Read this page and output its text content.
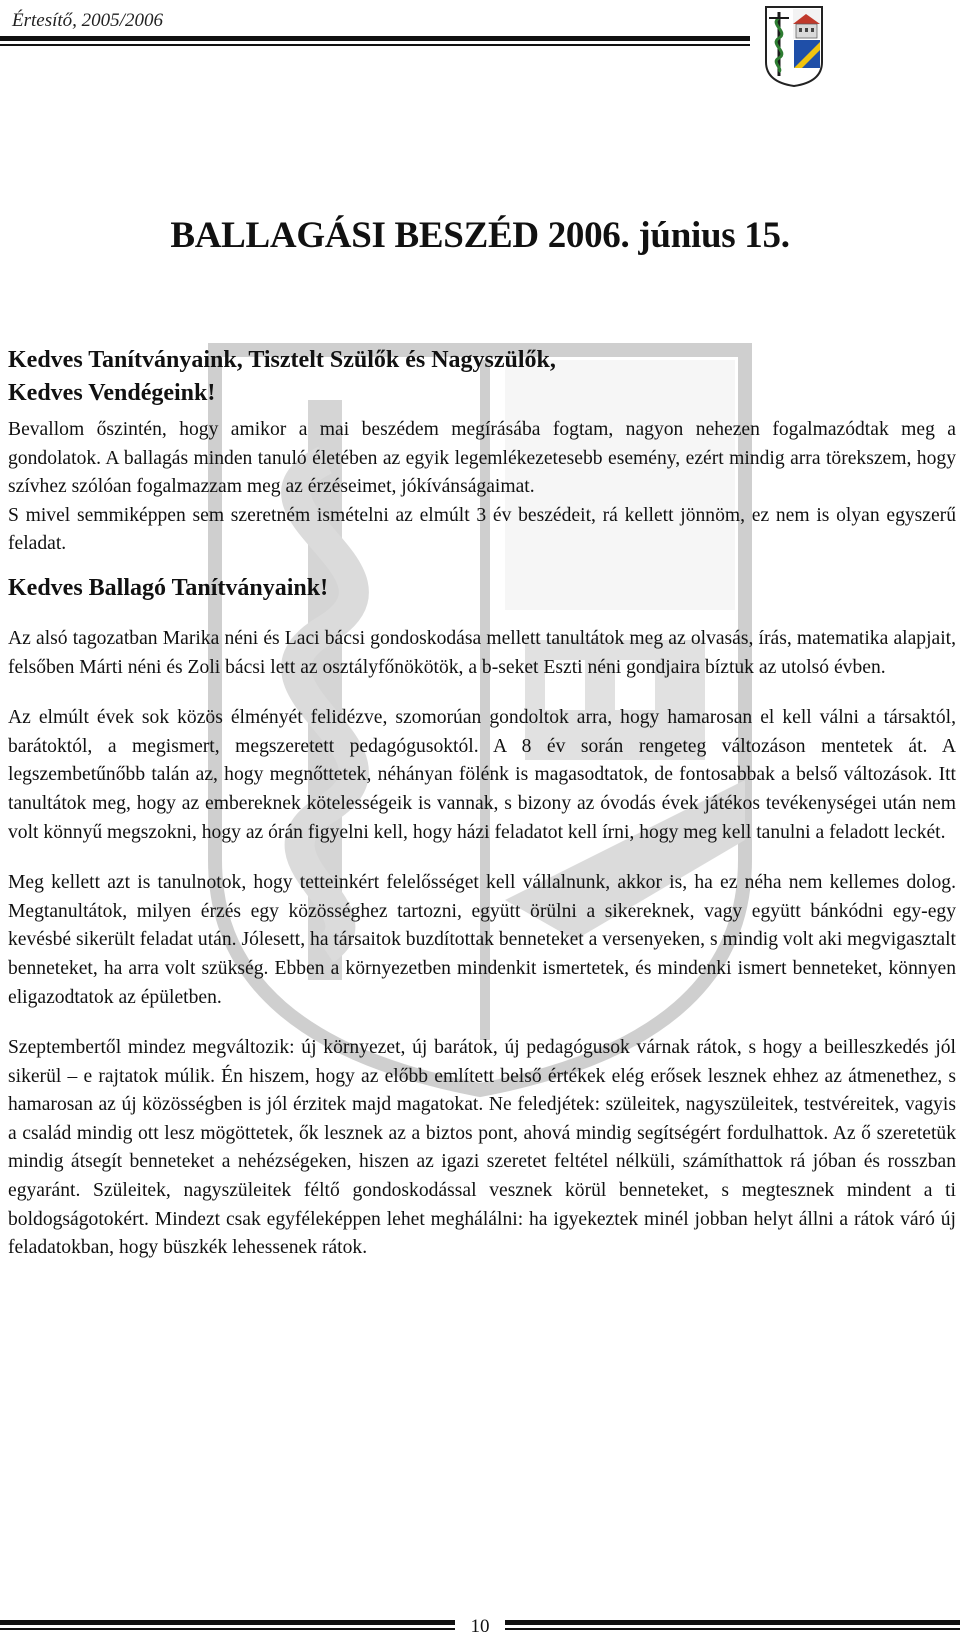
Értesítő, 2005/2006
BALLAGÁSI BESZÉD 2006. június 15.

Kedves Tanítványaink, Tisztelt Szülők és Nagyszülők,

Kedves Vendégeink!

Bevallom őszintén, hogy amikor a mai beszédem megírásába fogtam, nagyon nehezen fogalmazódtak meg a gondolatok. A ballagás minden tanuló életében az egyik legemlékezetesebb esemény, ezért mindig arra törekszem, hogy szívhez szólóan fogalmazzam meg az érzéseimet, jókívánságaimat.

S mivel semmiképpen sem szeretném ismételni az elmúlt 3 év beszédeit, rá kellett jönnöm, ez nem is olyan egyszerű feladat.

Kedves Ballagó Tanítványaink!

Az alsó tagozatban Marika néni és Laci bácsi gondoskodása mellett tanultátok meg az olvasás, írás, matematika alapjait, felsőben Márti néni és Zoli bácsi lett az osztályfőnökötök, a b-seket Eszti néni gondjaira bíztuk az utolsó évben.

Az elmúlt évek sok közös élményét felidézve, szomorúan gondoltok arra, hogy hamarosan el kell válni a társaktól, barátoktól, a megismert, megszeretett pedagógusoktól. A 8 év során rengeteg változáson mentetek át. A legszembetűnőbb talán az, hogy megnőttetek, néhányan fölénk is magasodtatok, de fontosabbak a belső változások. Itt tanultátok meg, hogy az embereknek kötelességeik is vannak, s bizony az óvodás évek játékos tevékenységei után nem volt könnyű megszokni, hogy az órán figyelni kell, hogy házi feladatot kell írni, hogy meg kell tanulni a feladott leckét.

Meg kellett azt is tanulnotok, hogy tetteinkért felelősséget kell vállalnunk, akkor is, ha ez néha nem kellemes dolog. Megtanultátok, milyen érzés egy közösséghez tartozni, együtt örülni a sikereknek, vagy együtt bánkódni egy-egy kevésbé sikerült feladat után. Jólesett, ha társaitok buzdítottak benneteket a versenyeken, s mindig volt aki megvigasztalt benneteket, ha arra volt szükség. Ebben a környezetben mindenkit ismertetek, és mindenki ismert benneteket, könnyen eligazodtatok az épületben.

Szeptembertől mindez megváltozik: új környezet, új barátok, új pedagógusok várnak rátok, s hogy a beilleszkedés jól sikerül – e rajtatok múlik. Én hiszem, hogy az előbb említett belső értékek elég erősek lesznek ehhez az átmenethez, s hamarosan az új közösségben is jól érzitek majd magatokat. Ne feledjétek: szüleitek, nagyszüleitek, testvéreitek, vagyis a család mindig ott lesz mögöttetek, ők lesznek az a biztos pont, ahová mindig segítségért fordulhattok. Az ő szeretetük mindig átsegít benneteket a nehézségeken, hiszen az igazi szeretet feltétel nélküli, számíthattok rá jóban és rosszban egyaránt. Szüleitek, nagyszüleitek féltő gondoskodással vesznek körül benneteket, s megtesznek mindent a ti boldogságotokért. Mindezt csak egyféleképpen lehet meghálálni: ha igyekeztek minél jobban helyt állni a rátok váró új feladatokban, hogy büszkék lehessenek rátok.

10
